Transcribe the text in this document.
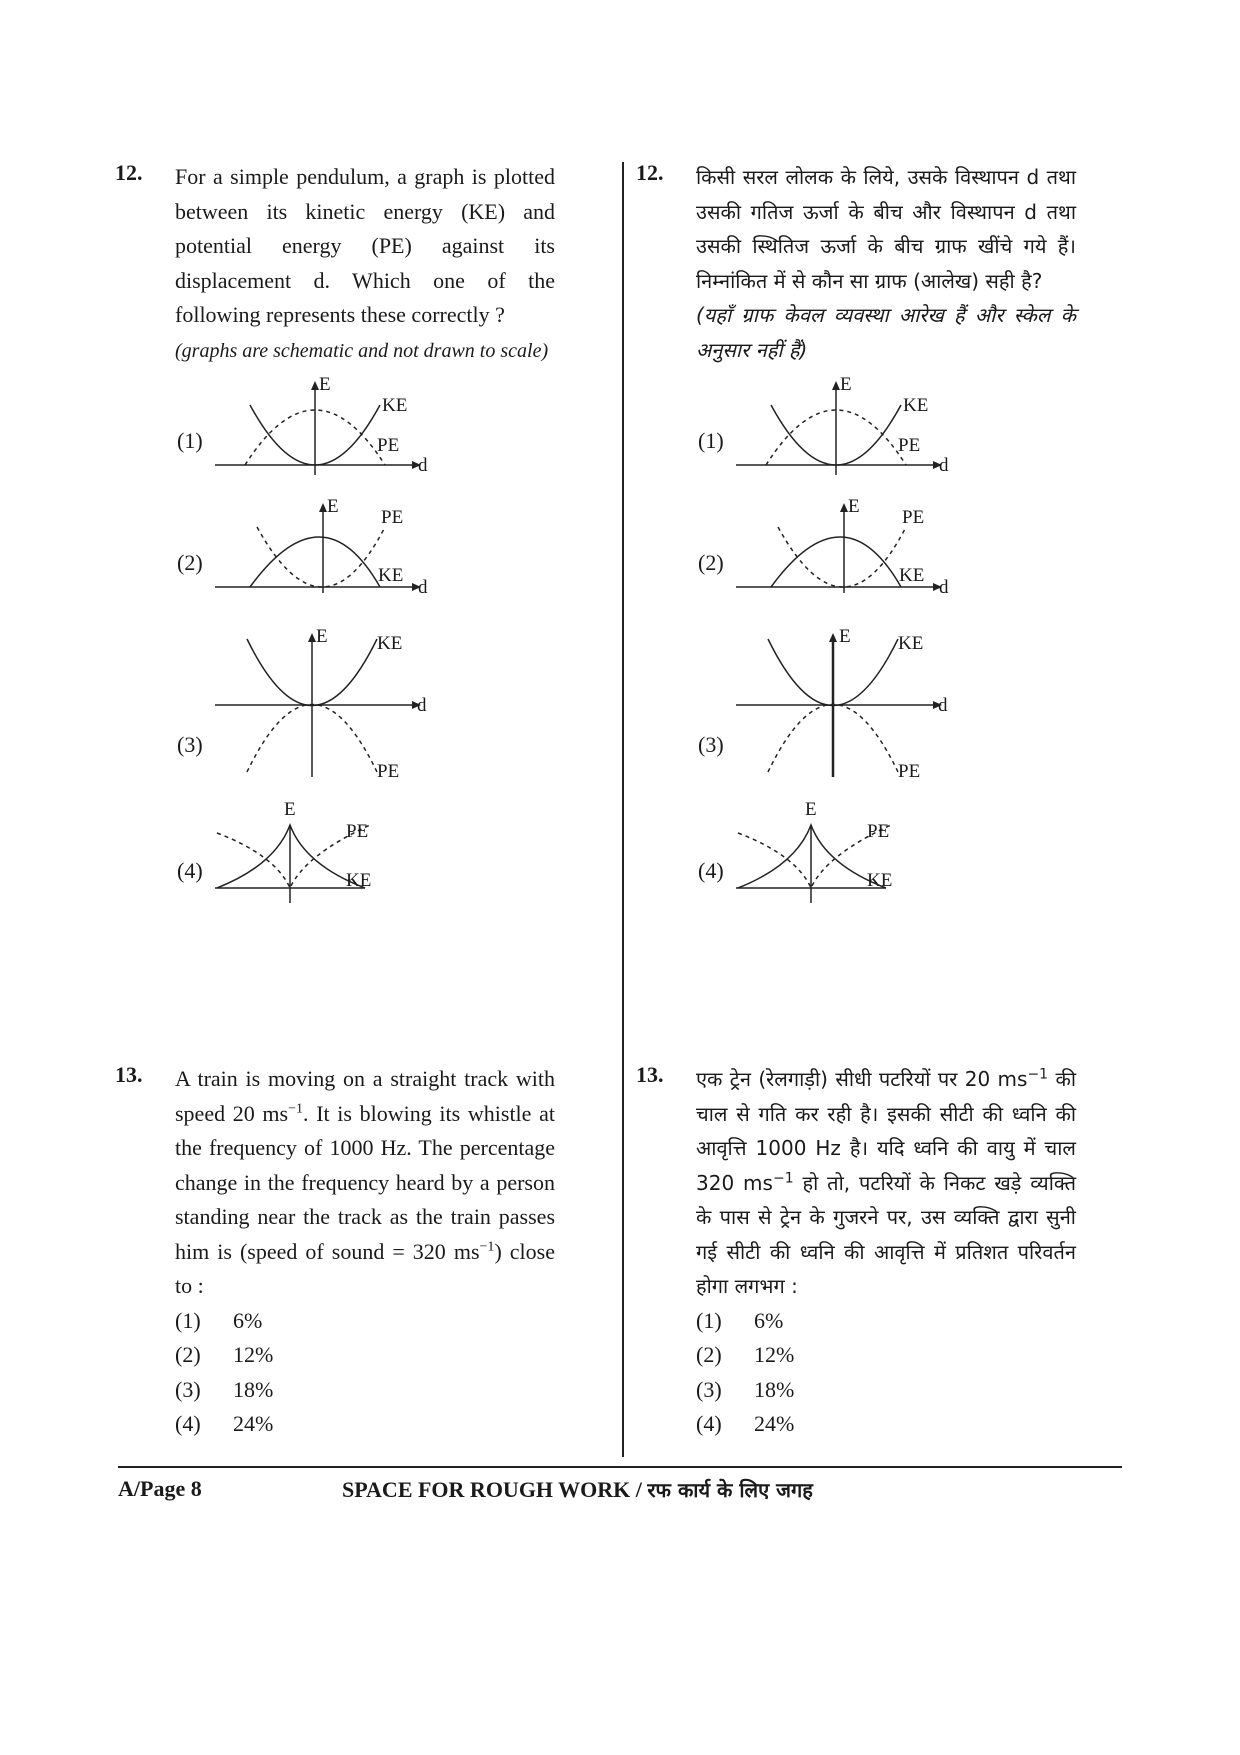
12. For a simple pendulum, a graph is plotted between its kinetic energy (KE) and potential energy (PE) against its displacement d. Which one of the following represents these correctly ?
(graphs are schematic and not drawn to scale)
(1)
E
KE
PE
d
(2)
E
PE
KE
d
(3)
E	KE
d
PE
(4)
E
PE
KE
13. A train is moving on a straight track with speed 20 $ms^{-1}$. It is blowing its whistle at the frequency of 1000 Hz. The percentage change in the frequency heard by a person standing near the track as the train passes him is (speed of sound = 320 $ms^{-1}$) close to :
(1)	6%
(2)	12%
(3)	18%
(4)	24%
12. किसी सरल लोलक के लिये, उसके विस्थापन d तथा उसकी गतिज ऊर्जा के बीच और विस्थापन d तथा उसकी स्थितिज ऊर्जा के बीच ग्राफ खींचे गये हैं। निम्नांकित में से कौन सा ग्राफ (आलेख) सही है?
(यहाँ ग्राफ केवल व्यवस्था आरेख हैं और स्केल के अनुसार नहीं हैं)
(1)
E
KE
PE
d
(2)
E
PE
KE
d
(3)
E KE
d
PE
(4)
E
PE
KE
13. एक ट्रेन (रेलगाड़ी) सीधी पटरियों पर 20 $ms^{-1}$ की चाल से गति कर रही है। इसकी सीटी की ध्वनि की आवृत्ति 1000 Hz है। यदि ध्वनि की वायु में चाल 320 $ms^{-1}$ हो तो, पटरियों के निकट खड़े व्यक्ति के पास से ट्रेन के गुजरने पर, उस व्यक्ति द्वारा सुनी गई सीटी की ध्वनि की आवृत्ति में प्रतिशत परिवर्तन होगा लगभग :
(1)	6%
(2)	12%
(3)	18%
(4)	24%
A/Page 8	SPACE FOR ROUGH WORK / रफ कार्य के लिए जगह
